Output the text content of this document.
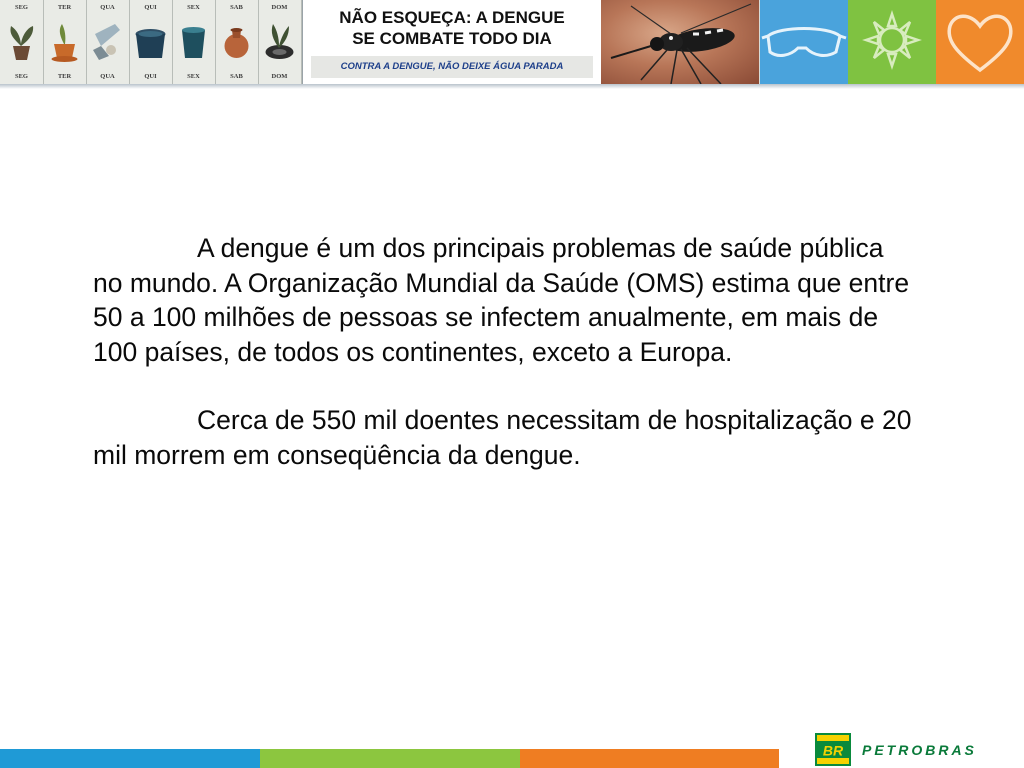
SEG
SEG
TER
TER
QUA
QUA
QUI
QUI
SEX
SEX
SAB
SAB
DOM
DOM
NÃO ESQUEÇA: A DENGUE
SE COMBATE TODO DIA
CONTRA A DENGUE, NÃO DEIXE ÁGUA PARADA

A dengue é um dos principais problemas de saúde pública no mundo. A Organização Mundial da Saúde (OMS) estima que entre 50 a 100 milhões de pessoas se infectem anualmente, em mais de 100 países, de todos os continentes, exceto a Europa.

Cerca de 550 mil doentes necessitam de hospitalização e 20 mil morrem em conseqüência da dengue.

BR PETROBRAS
